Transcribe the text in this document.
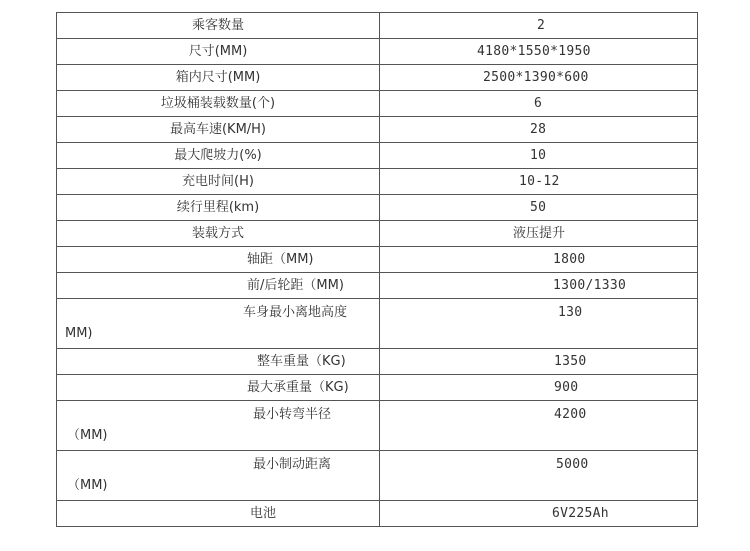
乘客数量	2
尺寸(MM)	4180*1550*1950
箱内尺寸(MM)	2500*1390*600
垃圾桶装载数量(个)	6
最高车速(KM/H)	28
最大爬坡力(%)	10
充电时间(H)	10-12
续行里程(km)	50
装载方式	液压提升

轴距（MM)	1800

前/后轮距（MM)	1300/1330

车身最小离地高度
MM)	130

整车重量（KG)	1350

最大承重量（KG)	900

最小转弯半径
（MM)	4200

最小制动距离
（MM)	5000

电池	6V225Ah
